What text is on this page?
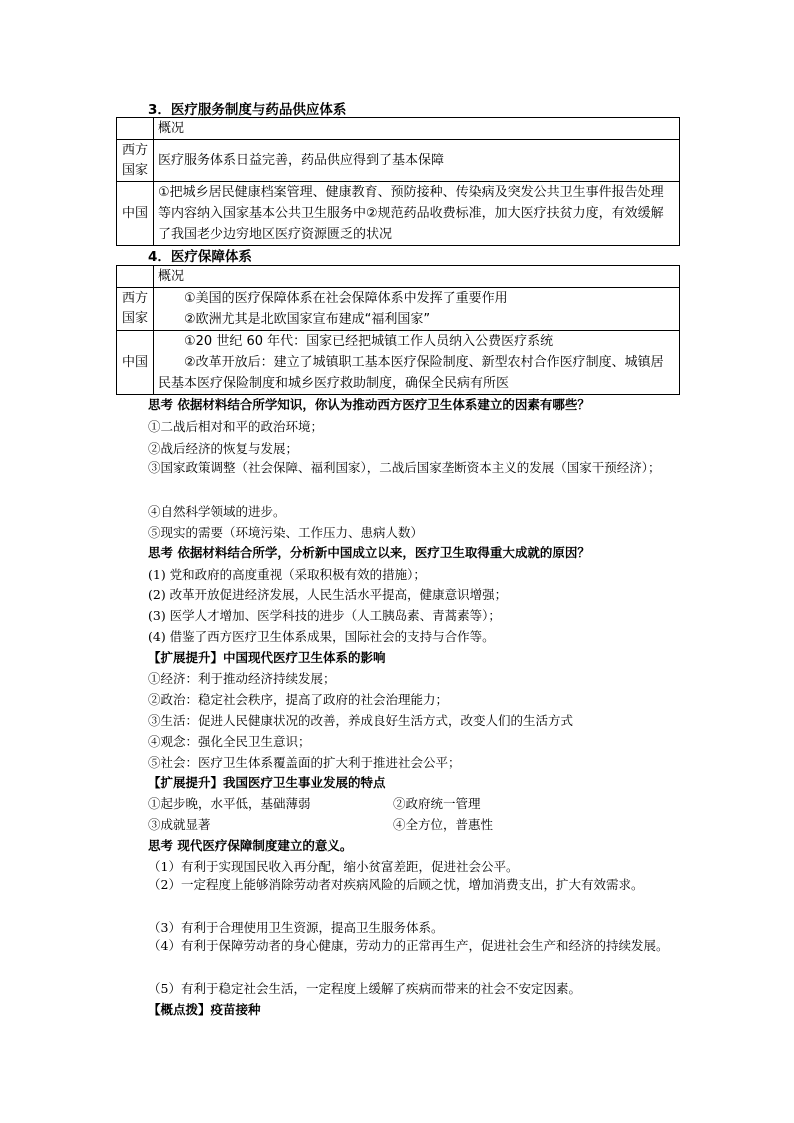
3．医疗服务制度与药品供应体系
	概况
西方国家	医疗服务体系日益完善，药品供应得到了基本保障
中国	①把城乡居民健康档案管理、健康教育、预防接种、传染病及突发公共卫生事件报告处理等内容纳入国家基本公共卫生服务中②规范药品收费标准，加大医疗扶贫力度，有效缓解了我国老少边穷地区医疗资源匮乏的状况
4．医疗保障体系
	概况
西方国家	①美国的医疗保障体系在社会保障体系中发挥了重要作用
②欧洲尤其是北欧国家宣布建成“福利国家”

中国	①20 世纪 60 年代：国家已经把城镇工作人员纳入公费医疗系统
②改革开放后：建立了城镇职工基本医疗保险制度、新型农村合作医疗制度、城镇居民基本医疗保险制度和城乡医疗救助制度，确保全民病有所医
思考 依据材料结合所学知识，你认为推动西方医疗卫生体系建立的因素有哪些？
①二战后相对和平的政治环境；
②战后经济的恢复与发展；
③国家政策调整（社会保障、福利国家），二战后国家垄断资本主义的发展（国家干预经济）；
④自然科学领域的进步。
⑤现实的需要（环境污染、工作压力、患病人数）
思考 依据材料结合所学，分析新中国成立以来，医疗卫生取得重大成就的原因？
(1) 党和政府的高度重视（采取积极有效的措施）；
(2) 改革开放促进经济发展，人民生活水平提高，健康意识增强；
(3) 医学人才增加、医学科技的进步（人工胰岛素、青蒿素等）；
(4) 借鉴了西方医疗卫生体系成果，国际社会的支持与合作等。
【扩展提升】中国现代医疗卫生体系的影响
①经济：利于推动经济持续发展；
②政治：稳定社会秩序，提高了政府的社会治理能力；
③生活：促进人民健康状况的改善，养成良好生活方式，改变人们的生活方式
④观念：强化全民卫生意识；
⑤社会：医疗卫生体系覆盖面的扩大利于推进社会公平；
【扩展提升】我国医疗卫生事业发展的特点
①起步晚，水平低，基础薄弱	②政府统一管理
③成就显著	④全方位，普惠性
思考 现代医疗保障制度建立的意义。
（1）有利于实现国民收入再分配，缩小贫富差距，促进社会公平。
（2）一定程度上能够消除劳动者对疾病风险的后顾之忧，增加消费支出，扩大有效需求。
（3）有利于合理使用卫生资源，提高卫生服务体系。
（4）有利于保障劳动者的身心健康，劳动力的正常再生产，促进社会生产和经济的持续发展。
（5）有利于稳定社会生活，一定程度上缓解了疾病而带来的社会不安定因素。
【概点拨】疫苗接种
